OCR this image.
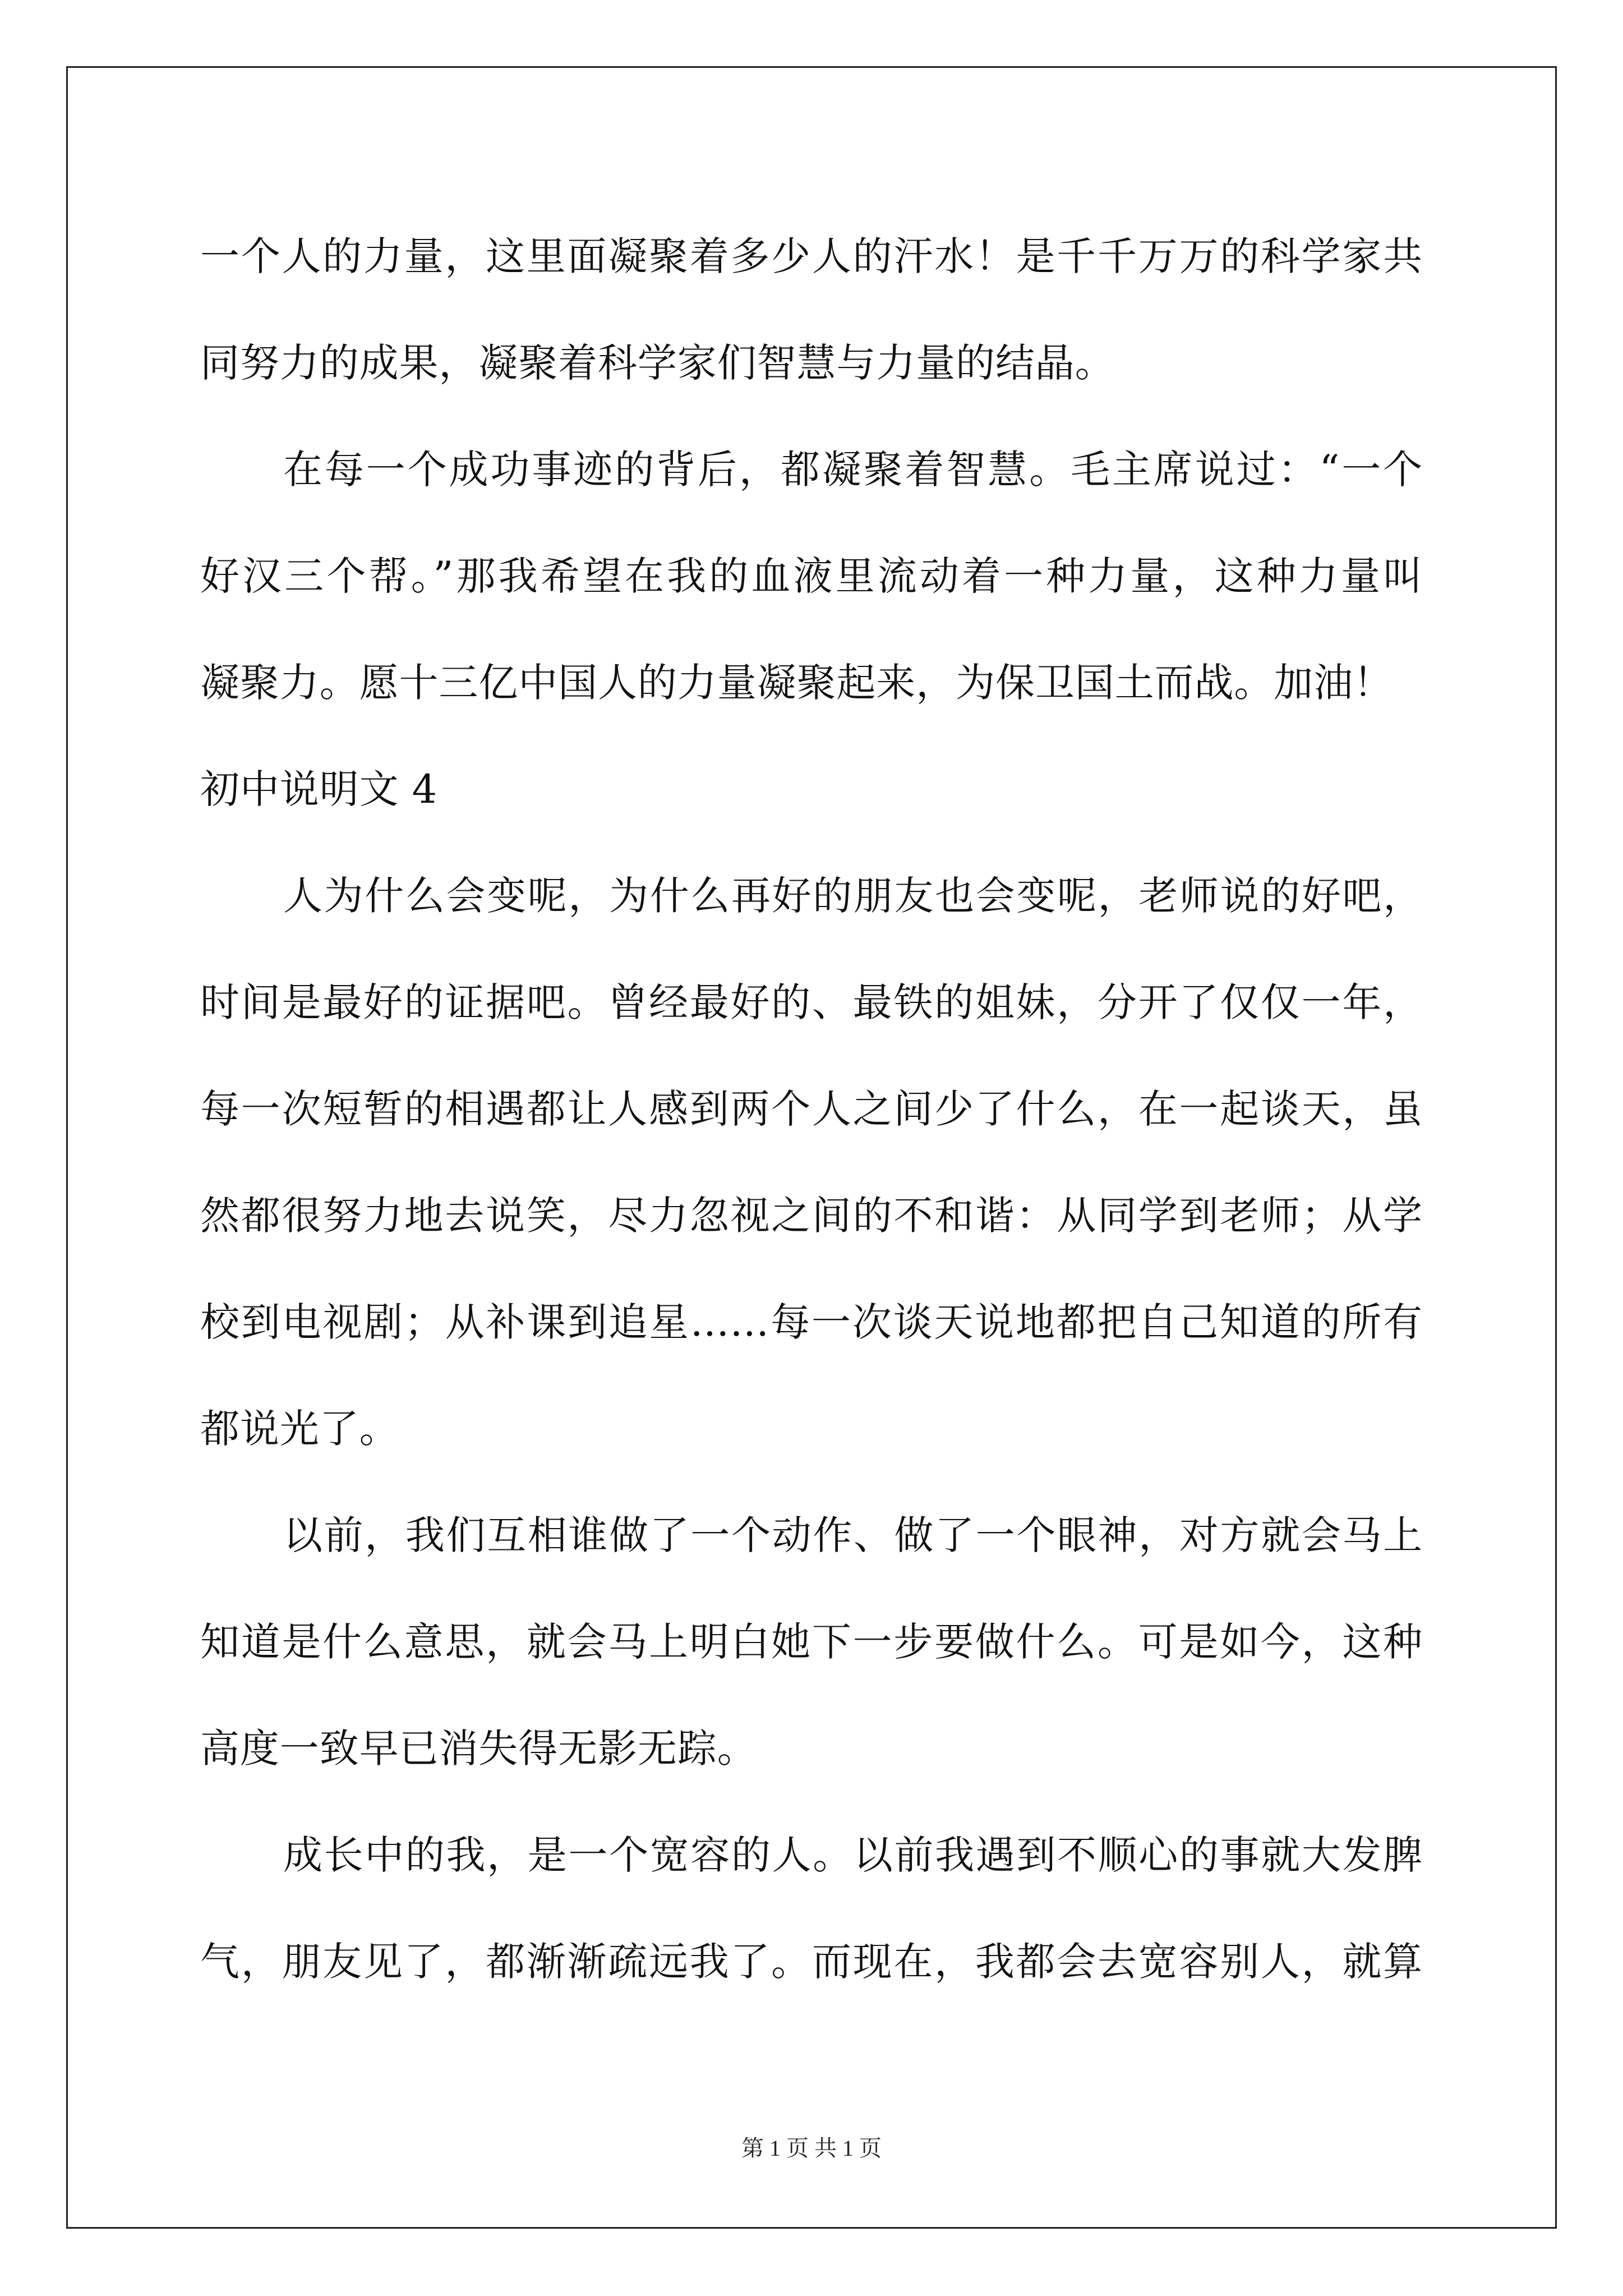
一个人的力量，这里面凝聚着多少人的汗水！是千千万万的科学家共
同努力的成果，凝聚着科学家们智慧与力量的结晶。
在每一个成功事迹的背后，都凝聚着智慧。毛主席说过：“一个
好汉三个帮。”那我希望在我的血液里流动着一种力量，这种力量叫
凝聚力。愿十三亿中国人的力量凝聚起来，为保卫国土而战。加油！
初中说明文 4
人为什么会变呢，为什么再好的朋友也会变呢，老师说的好吧，
时间是最好的证据吧。曾经最好的、最铁的姐妹，分开了仅仅一年，
每一次短暂的相遇都让人感到两个人之间少了什么，在一起谈天，虽
然都很努力地去说笑，尽力忽视之间的不和谐：从同学到老师；从学
校到电视剧；从补课到追星……每一次谈天说地都把自己知道的所有
都说光了。
以前，我们互相谁做了一个动作、做了一个眼神，对方就会马上
知道是什么意思，就会马上明白她下一步要做什么。可是如今，这种
高度一致早已消失得无影无踪。
成长中的我，是一个宽容的人。以前我遇到不顺心的事就大发脾
气，朋友见了，都渐渐疏远我了。而现在，我都会去宽容别人，就算
第 1 页 共 1 页
